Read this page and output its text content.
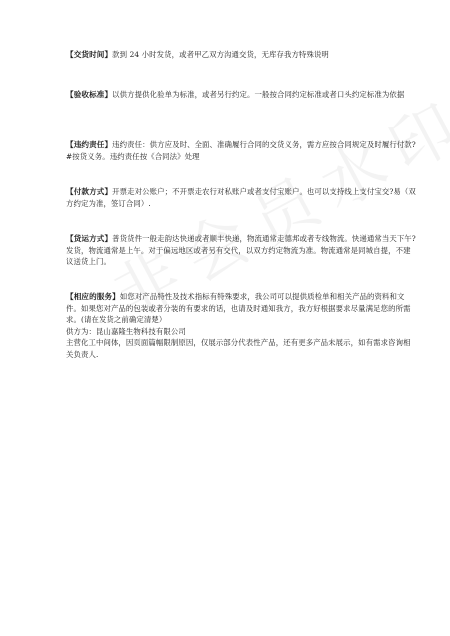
【交货时间】款到 24 小时发货，或者甲乙双方沟通交货，无库存我方特殊说明

【验收标准】以供方提供化验单为标准，或者另行约定。一般按合同约定标准或者口头约定标准为依据

【违约责任】违约责任：供方应及时、全面、准确履行合同的交货义务，需方应按合同规定及时履行付款?#按货义务。违约责任按《合同法》处理

【付款方式】开票走对公账户；不开票走农行对私账户或者支付宝账户。也可以支持线上支付宝交?易（双方约定为准，签订合同）.

【货运方式】普货货件一般走韵达快递或者顺丰快递，物流通常走德邦或者专线物流。快递通常当天下午?发货，物流通常是上午。对于偏远地区或者另有交代，以双方约定物流为准。物流通常是同城自提，不建议送货上门。

【相应的服务】如您对产品特性及技术指标有特殊要求，我公司可以提供质检单和相关产品的资料和文件。如果您对产品的包装或者分装的有要求的话，也请及时通知我方，我方好根据要求尽量满足您的所需求。(请在发货之前确定清楚）

供方为：昆山嘉隆生物科技有限公司

主营化工中间体，因页面篇幅限制原因，仅展示部分代表性产品，还有更多产品未展示，如有需求咨询相关负责人.
